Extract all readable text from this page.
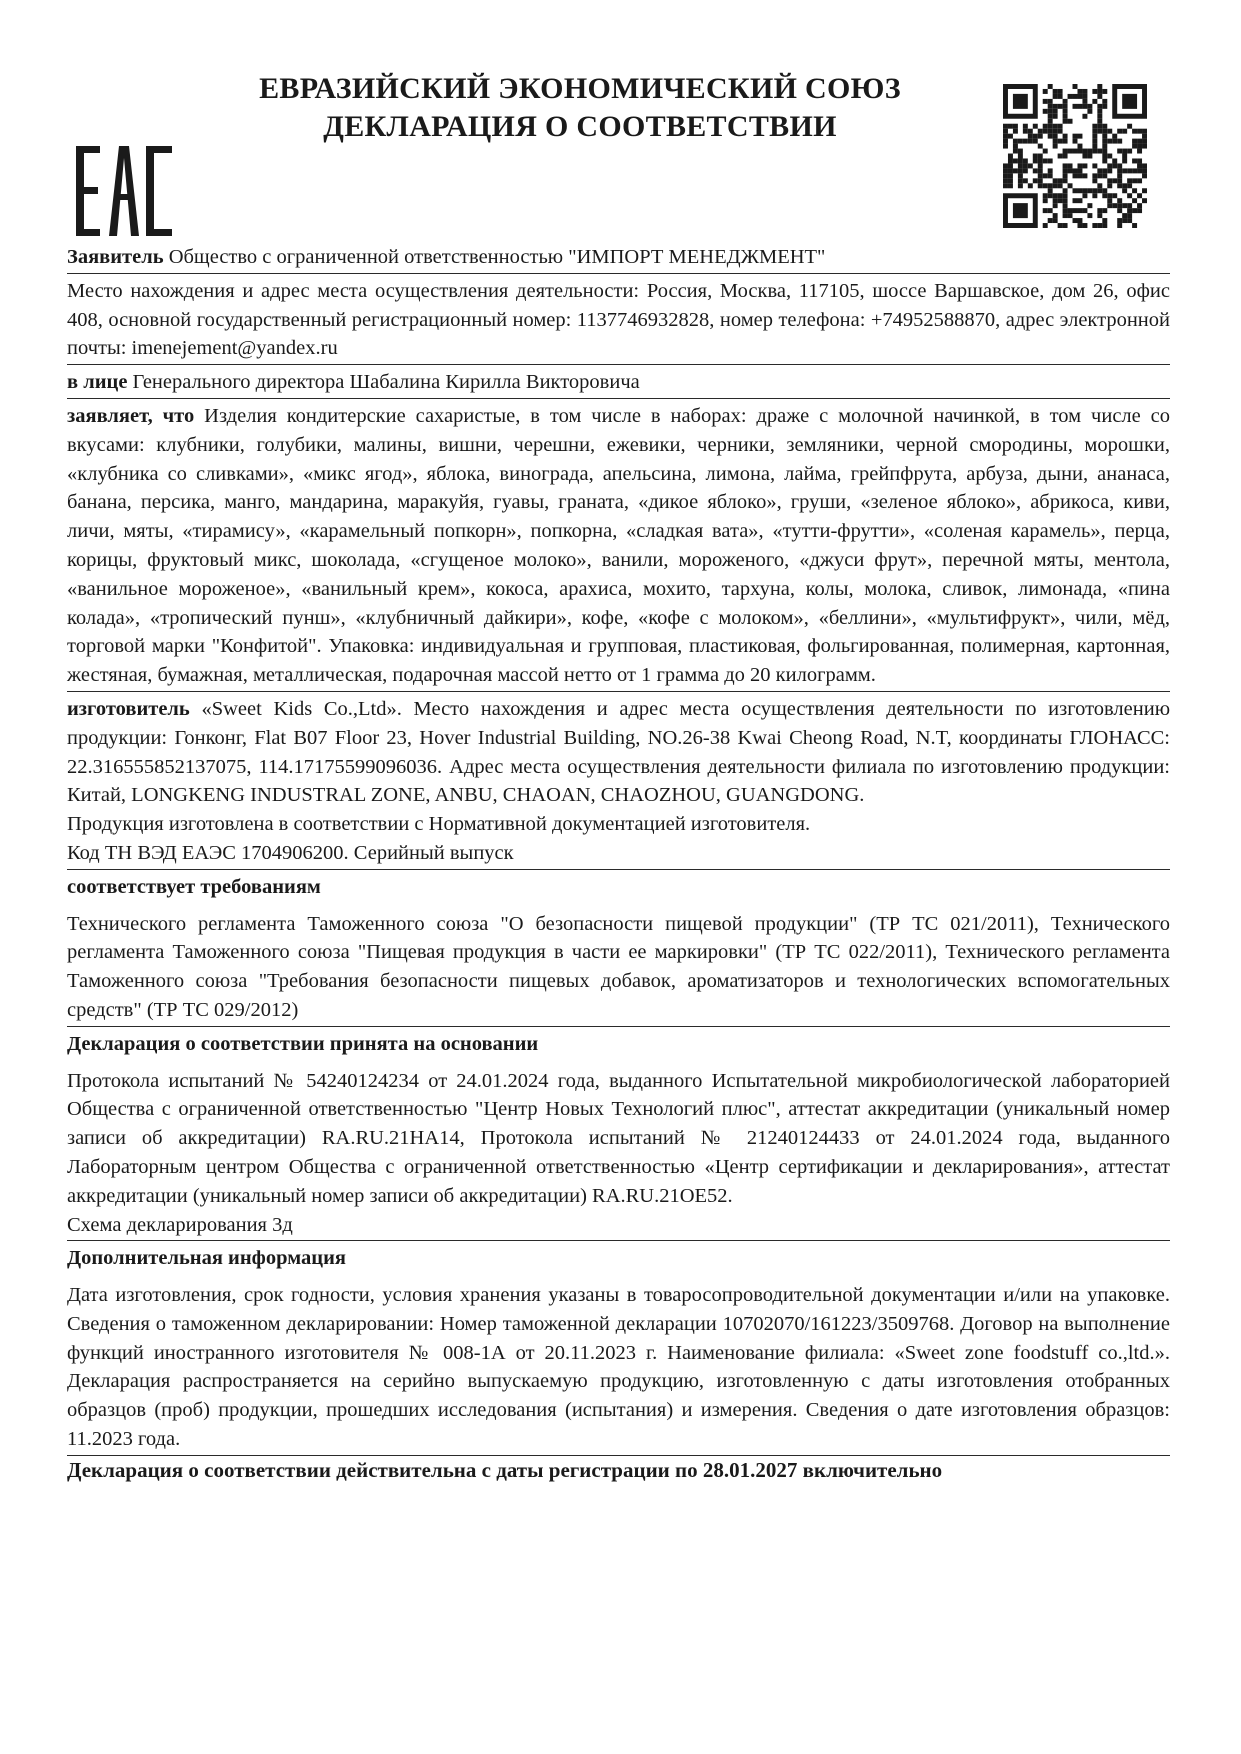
ЕВРАЗИЙСКИЙ ЭКОНОМИЧЕСКИЙ СОЮЗ
ДЕКЛАРАЦИЯ О СООТВЕТСТВИИ

Заявитель Общество с ограниченной ответственностью "ИМПОРТ МЕНЕДЖМЕНТ"

Место нахождения и адрес места осуществления деятельности: Россия, Москва, 117105, шоссе Варшавское, дом 26, офис 408, основной государственный регистрационный номер: 1137746932828, номер телефона: +74952588870, адрес электронной почты: imenejement@yandex.ru

в лице Генерального директора Шабалина Кирилла Викторовича

заявляет, что Изделия кондитерские сахаристые, в том числе в наборах: драже с молочной начинкой, в том числе со вкусами: клубники, голубики, малины, вишни, черешни, ежевики, черники, земляники, черной смородины, морошки, «клубника со сливками», «микс ягод», яблока, винограда, апельсина, лимона, лайма, грейпфрута, арбуза, дыни, ананаса, банана, персика, манго, мандарина, маракуйя, гуавы, граната, «дикое яблоко», груши, «зеленое яблоко», абрикоса, киви, личи, мяты, «тирамису», «карамельный попкорн», попкорна, «сладкая вата», «тутти-фрутти», «соленая карамель», перца, корицы, фруктовый микс, шоколада, «сгущеное молоко», ванили, мороженого, «джуси фрут», перечной мяты, ментола, «ванильное мороженое», «ванильный крем», кокоса, арахиса, мохито, тархуна, колы, молока, сливок, лимонада, «пина колада», «тропический пунш», «клубничный дайкири», кофе, «кофе с молоком», «беллини», «мультифрукт», чили, мёд, торговой марки "Конфитой". Упаковка: индивидуальная и групповая, пластиковая, фольгированная, полимерная, картонная, жестяная, бумажная, металлическая, подарочная массой нетто от 1 грамма до 20 килограмм.

изготовитель «Sweet Kids Co.,Ltd». Место нахождения и адрес места осуществления деятельности по изготовлению продукции: Гонконг, Flat B07 Floor 23, Hover Industrial Building, NO.26-38 Kwai Cheong Road, N.T, координаты ГЛОНАСС: 22.316555852137075, 114.17175599096036. Адрес места осуществления деятельности филиала по изготовлению продукции: Китай, LONGKENG INDUSTRAL ZONE, ANBU, CHAOAN, CHAOZHOU, GUANGDONG.

Продукция изготовлена в соответствии с Нормативной документацией изготовителя.

Код ТН ВЭД ЕАЭС 1704906200. Серийный выпуск

соответствует требованиям

Технического регламента Таможенного союза "О безопасности пищевой продукции" (ТР ТС 021/2011), Технического регламента Таможенного союза "Пищевая продукция в части ее маркировки" (ТР ТС 022/2011), Технического регламента Таможенного союза "Требования безопасности пищевых добавок, ароматизаторов и технологических вспомогательных средств" (ТР ТС 029/2012)

Декларация о соответствии принята на основании

Протокола испытаний № 54240124234 от 24.01.2024 года, выданного Испытательной микробиологической лабораторией Общества с ограниченной ответственностью "Центр Новых Технологий плюс", аттестат аккредитации (уникальный номер записи об аккредитации) RA.RU.21HA14, Протокола испытаний № 21240124433 от 24.01.2024 года, выданного Лабораторным центром Общества с ограниченной ответственностью «Центр сертификации и декларирования», аттестат аккредитации (уникальный номер записи об аккредитации) RA.RU.21OE52.

Схема декларирования 3д

Дополнительная информация

Дата изготовления, срок годности, условия хранения указаны в товаросопроводительной документации и/или на упаковке. Сведения о таможенном декларировании: Номер таможенной декларации 10702070/161223/3509768. Договор на выполнение функций иностранного изготовителя № 008-1А от 20.11.2023 г. Наименование филиала: «Sweet zone foodstuff co.,ltd.». Декларация распространяется на серийно выпускаемую продукцию, изготовленную с даты изготовления отобранных образцов (проб) продукции, прошедших исследования (испытания) и измерения. Сведения о дате изготовления образцов: 11.2023 года.

Декларация о соответствии действительна с даты регистрации по 28.01.2027 включительно
